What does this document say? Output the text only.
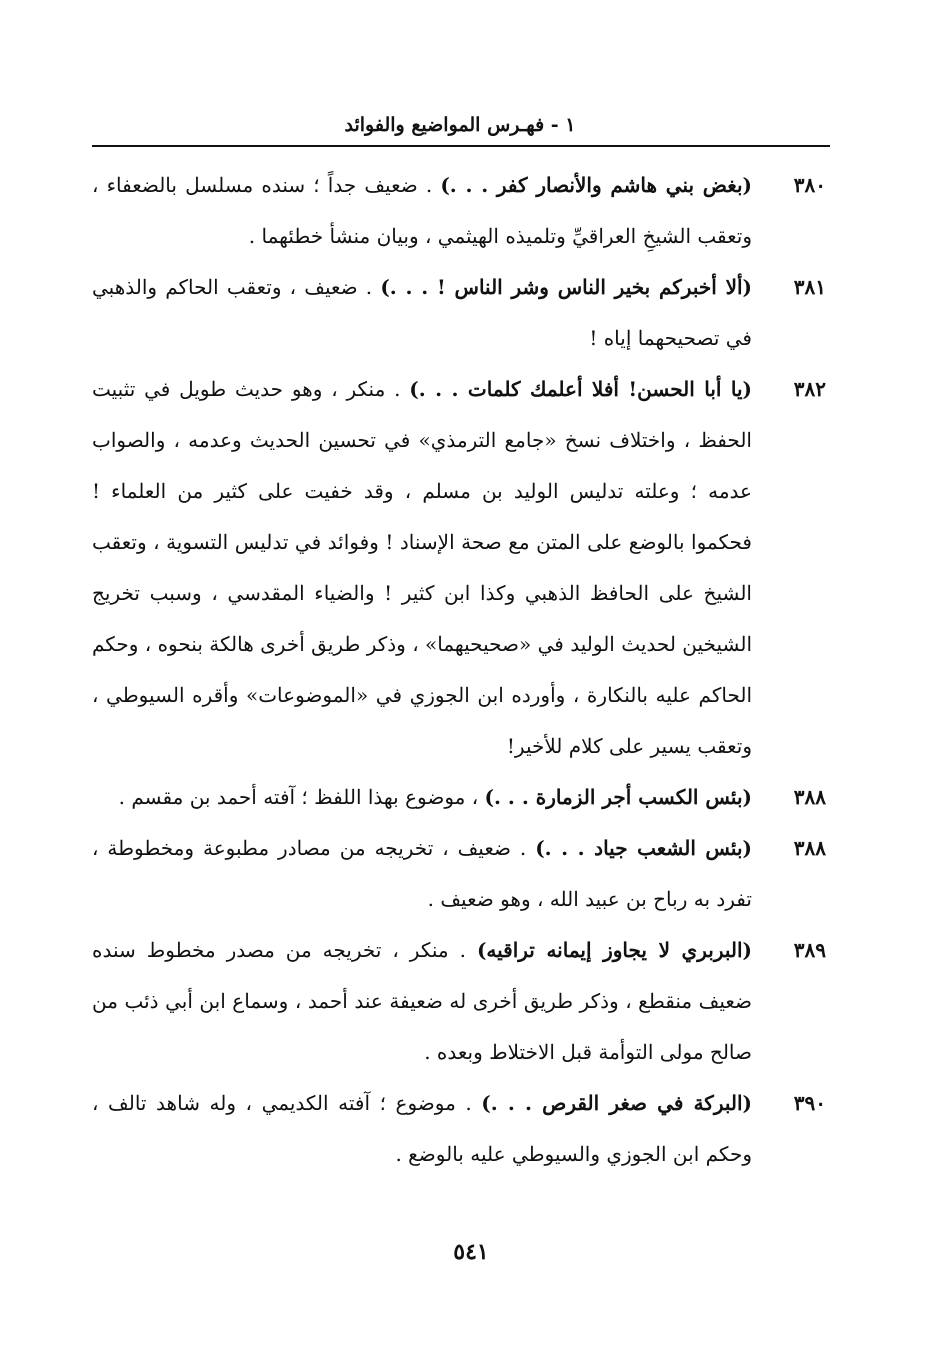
١ - فهـرس المواضيع والفوائد
٣٨٠
(بغض بني هاشم والأنصار كفر . . .) . ضعيف جداً ؛ سنده مسلسل بالضعفاء ، وتعقب الشيخِ العراقيِّ وتلميذه الهيثمي ، وبيان منشأ خطئهما .
٣٨١
(ألا أخبركم بخير الناس وشر الناس ! . . .) . ضعيف ، وتعقب الحاكم والذهبي في تصحيحهما إياه !
٣٨٢
(يا أبا الحسن! أفلا أعلمك كلمات . . .) . منكر ، وهو حديث طويل في تثبيت الحفظ ، واختلاف نسخ «جامع الترمذي» في تحسين الحديث وعدمه ، والصواب عدمه ؛ وعلته تدليس الوليد بن مسلم ، وقد خفيت على كثير من العلماء ! فحكموا بالوضع على المتن مع صحة الإسناد ! وفوائد في تدليس التسوية ، وتعقب الشيخ على الحافظ الذهبي وكذا ابن كثير ! والضياء المقدسي ، وسبب تخريج الشيخين لحديث الوليد في «صحيحيهما» ، وذكر طريق أخرى هالكة بنحوه ، وحكم الحاكم عليه بالنكارة ، وأورده ابن الجوزي في «الموضوعات» وأقره السيوطي ، وتعقب يسير على كلام للأخير!
٣٨٨
(بئس الكسب أجر الزمارة . . .) ، موضوع بهذا اللفظ ؛ آفته أحمد بن مقسم .
٣٨٨
(بئس الشعب جياد . . .) . ضعيف ، تخريجه من مصادر مطبوعة ومخطوطة ، تفرد به رباح بن عبيد الله ، وهو ضعيف .
٣٨٩
(البربري لا يجاوز إيمانه تراقيه) . منكر ، تخريجه من مصدر مخطوط سنده ضعيف منقطع ، وذكر طريق أخرى له ضعيفة عند أحمد ، وسماع ابن أبي ذئب من صالح مولى التوأمة قبل الاختلاط وبعده .
٣٩٠
(البركة في صغر القرص . . .) . موضوع ؛ آفته الكديمي ، وله شاهد تالف ، وحكم ابن الجوزي والسيوطي عليه بالوضع .
٥٤١
